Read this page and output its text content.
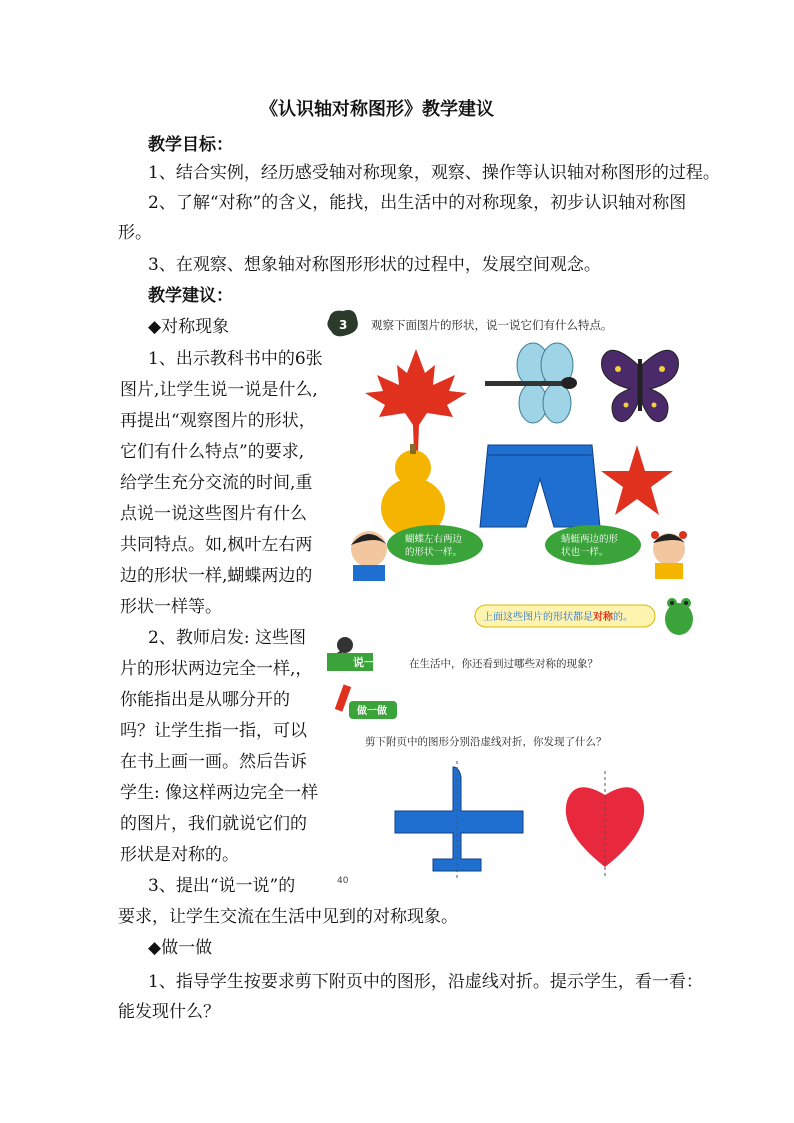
《认识轴对称图形》教学建议
教学目标：
1、结合实例，经历感受轴对称现象，观察、操作等认识轴对称图形的过程。
2、了解“对称”的含义，能找，出生活中的对称现象，初步认识轴对称图
形。
3、在观察、想象轴对称图形形状的过程中，发展空间观念。
教学建议：
◆对称现象
1、出示教科书中的6张
图片,让学生说一说是什么,
再提出“观察图片的形状，
它们有什么特点”的要求,
给学生充分交流的时间,重
点说一说这些图片有什么
共同特点。如,枫叶左右两
边的形状一样,蝴蝶两边的
形状一样等。
2、教师启发: 这些图
片的形状两边完全一样,，
你能指出是从哪分开的
吗？让学生指一指，可以
在书上画一画。然后告诉
学生: 像这样两边完全一样
的图片，我们就说它们的
形状是对称的。
3、提出“说一说”的
要求，让学生交流在生活中见到的对称现象。
◆做一做
1、指导学生按要求剪下附页中的图形，沿虚线对折。提示学生，看一看：
能发现什么？
3 观察下面图片的形状，说一说它们有什么特点。
蝴蝶左右两边
的形状一样。
蜻蜓两边的形
状也一样。
上面这些图片的形状都是对称的。
说一说 在生活中，你还看到过哪些对称的现象？
做一做
剪下附页中的图形分别沿虚线对折，你发现了什么？
40
